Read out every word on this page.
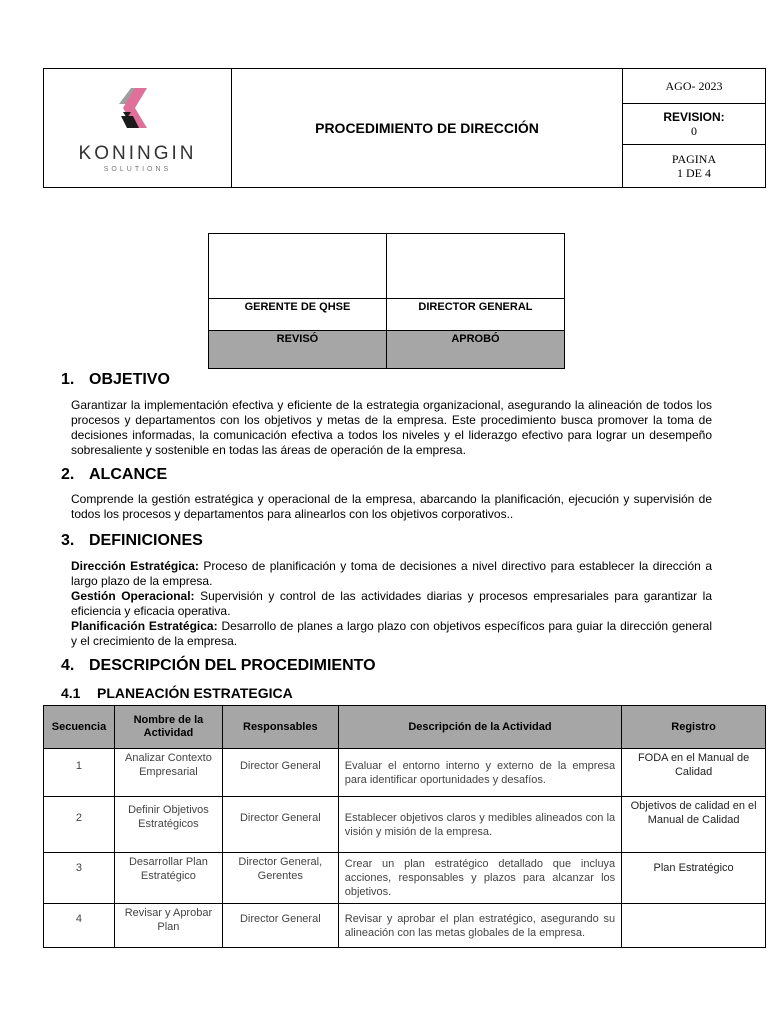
KONINGIN
SOLUTIONS
	PROCEDIMIENTO DE DIRECCIÓN	AGO- 2023

REVISION:
0

PAGINA
1 DE 4

GERENTE DE QHSE	DIRECTOR GENERAL
REVISÓ	APROBÓ
1. OBJETIVO
Garantizar la implementación efectiva y eficiente de la estrategia organizacional, asegurando la alineación de todos los procesos y departamentos con los objetivos y metas de la empresa. Este procedimiento busca promover la toma de decisiones informadas, la comunicación efectiva a todos los niveles y el liderazgo efectivo para lograr un desempeño sobresaliente y sostenible en todas las áreas de operación de la empresa.
2. ALCANCE
Comprende la gestión estratégica y operacional de la empresa, abarcando la planificación, ejecución y supervisión de todos los procesos y departamentos para alinearlos con los objetivos corporativos..
3. DEFINICIONES
Dirección Estratégica: Proceso de planificación y toma de decisiones a nivel directivo para establecer la dirección a largo plazo de la empresa.
Gestión Operacional: Supervisión y control de las actividades diarias y procesos empresariales para garantizar la eficiencia y eficacia operativa.
Planificación Estratégica: Desarrollo de planes a largo plazo con objetivos específicos para guiar la dirección general y el crecimiento de la empresa.
4. DESCRIPCIÓN DEL PROCEDIMIENTO
4.1 PLANEACIÓN ESTRATEGICA
Secuencia	Nombre de la Actividad	Responsables	Descripción de la Actividad	Registro
1	Analizar Contexto Empresarial	Director General	Evaluar el entorno interno y externo de la empresa para identificar oportunidades y desafíos.	FODA en el Manual de Calidad
2	Definir Objetivos Estratégicos	Director General	Establecer objetivos claros y medibles alineados con la visión y misión de la empresa.	Objetivos de calidad en el Manual de Calidad
3	Desarrollar Plan Estratégico	Director General, Gerentes	Crear un plan estratégico detallado que incluya acciones, responsables y plazos para alcanzar los objetivos.	Plan Estratégico
4	Revisar y Aprobar Plan	Director General	Revisar y aprobar el plan estratégico, asegurando su alineación con las metas globales de la empresa.	
